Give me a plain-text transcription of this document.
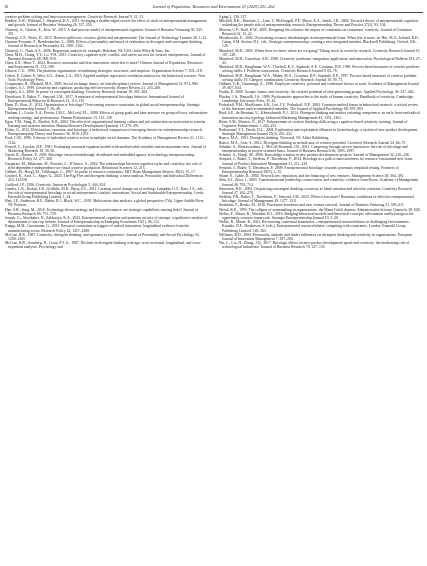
10	Journal of Population, Resources and Environment 23 (2025) 251–262

creative problem solving and innovation management. Creativity Research Journal 9, 21–31.

Bradley, S.W., Wiklund, J., Shepherd, D.A., 2011. Swinging a double-edged sword: the effect of slack on entrepreneurial management and growth. Journal of Business Venturing 26, 537–554.

Chatterji, A., Glaeser, E., Kerr, W., 2015. A dual-process model of entrepreneurial cognition. Journal of Business Venturing 30, 335–351.

Chatterji, C.F., Weiss, D., 2015. Reverse-spillovers: creative, global and entrepreneurial. The Journal of Technology Transfer 40, 1–22.

Chaston-Froomni, F., Breidenbacher, L., 2008. Effects of personality and mood of evaluation on divergent and convergent thinking. Journal of Research in Personality 42, 1095–1102.

Chatterji, C., Nash, A.S., 2006. Regression analysis by example. Hoboken, NJ, USA: John Wiley & Sons, Inc.

Chen, M.H., Chang, Y.Y., Lo, Y.H., 2015. Creativity cognitive style, conflict, and career success for creative entrepreneurs. Journal of Business Research 68, 906–910.

Chen, S.X., Shen, T., 2023. Resource constraints and firm innovation: when less is more? Chinese Journal of Population, Resources and Environment 21, 172–180.

Ciborra, C.U., 1996. The platform organization: recombining strategies, structures, and surprises. Organization Science 7, 103–118.

Cohen, P., Cohen, P., West, S.G., Aiken, L.S., 2013. Applied multiple regression/correlation analysis for the behavioral sciences. New York: Psychology Press.

Cropanzano, R., Mitchell, M.S., 2005. Social exchange theory: an interdisciplinary review. Journal of Management 31, 874–900.

Cropley, A.J., 1999. Creativity and cognition: producing effective novelty. Roeper Review 21, 253–260.

Cropley, A.J., 2006. In praise of convergent thinking. Creativity Research Journal 18, 391–404.

Davidsson, P., Baker, T., Senyard, J.M., 2017. A measure of entrepreneurial bricolage behavior. International Journal of Entrepreneurial Behavior & Research 23, 114–135.

Dean, D., Ross, E., 2013. Optimization or bricolage? Overcoming resource constraints in global social entrepreneurship. Strategic Entrepreneurship Journal 7, 26–49.

Durham, L., Locke, E.A., Pervin, J.M.C., McLeod, P.L., 2000. Effects of group goals and time pressure on group efficacy, information-seeking strategy, and performance. Human Performance 13, 115–138.

Egan, T.M., Yang, B., Bartlett, K.R., 2004. The effects of organizational learning culture and job satisfaction on motivation to transfer learning and turnover intention. Human Resource Development Quarterly 15, 279–301.

Fisher, G., 2012. Effectuation, causation, and bricolage: a behavioral comparison of emerging theories in entrepreneurship research. Entrepreneurship Theory and Practice 36, 1019–1051.

Ford, C.M., 1996. A theory of individual creative action in multiple social domains. The Academy of Management Review 21, 1112–1142.

Fornell, C., Larcker, D.F., 1981. Evaluating structural equation models with unobservable variables and measurement error. Journal of Marketing Research 18, 39–50.

Garud, R., Karnøe, P., 2003. Bricolage versus breakthrough: distributed and embedded agency in technology entrepreneurship. Research Policy 32, 277–300.

Gasparini, M., Pakkonen, M., Pozzetti, L., D'Amico, S., 2022. The relationships between cognitive styles and creativity: the role of field dependence-independence on visual creative production. Behavioral Sciences 12, 213.

Gibbert, M., Hoegl, M., Välikangas, L., 2007. In praise of resource constraints. MIT Sloan Management Review, 48(3), 15–17.

Gruijerl, K., Asse, L., Säger, G., 2023. The Big Five and divergent thinking: a meta-analysis. Personality and Individual Differences 214, 112338.

Guilford, J.P., 1956. Creativity. American Psychologist 5, 444–454.

Gundry, L.K., Kickul, J.R., Griffiths, M.D., Bacq, S.C., 2011. Creating social change out of nothing: Lumpkin, G.T., Katz, J.A., eds., the role of entrepreneurial bricolage in social entrepreneurs' catalytic innovations. Social and Sustainable Entrepreneurship. Leeds: Emerald Group Publishing Limited, 1–24.

Hair, J.F., Anderson, R.E., Babin, B.J., Black, W.C., 2010. Multivariate data analysis: a global perspective (7th). Upper Saddle River, NJ: Pearson.

Hao, S.B., Song, M., 2016. Technology-driven strategy and firm performance: are strategic capabilities missing links? Journal of Business Research 69, 751–759.

Joseph, G., Aboobaker, N., Zakkariya, K.A., 2023. Entrepreneurial cognition and premium activity of startups: a qualitative analysis of determinants of start-up failures. Journal of Entrepreneurship in Emerging Economies 15(1), 96–112.

Knapp, M.M., Grossmann, G., 2013. Resource constraints as triggers of radical innovation: longitudinal evidence from the manufacturing sector. Research Policy 42, 1457–1468.

McCrae, R.R., 1987. Creativity, divergent thinking, and openness to experience. Journal of Personality and Social Psychology 52, 1258–1265.

McCrae, R.R., Arenberg, D., Costa, P.T. Jr., 1987. Declines in divergent thinking with age: cross-sectional, longitudinal, and cross-sequential analyses. Psychology and

Aging 2, 130–137.

Mitchell, R.K., Busenitz, L., Lant, T., McDougall, P.P., Morse, E.A., Smith, J.B., 2002. Toward a theory of entrepreneurial cognition: rethinking the people side of entrepreneurship research. Entrepreneurship Theory and Practice 27(2), 93–104.

Moreau, C.P., Dahl, D.W., 2005. Designing the solution: the impact of constraints on consumers' creativity. Journal of Consumer Research 32, 13–22.

Mosakowski, E., 2002. Overcoming resource disadvantages in entrepreneurial firms: When less is more, in: Hitt, M.A., Ireland, R.D., Camp, S.M. Sexton, D.L. eds., Strategic entrepreneurship: creating a new integrated mindset. Blackwell Publishing, Oxford, 106–126.

Mumford, M.D., 2003. Where have we been, where are we going? Taking stock in creativity research. Creativity Research Journal 15, 107–120.

Mumford, M.D., Gustafson, S.B., 1988. Creativity syndrome: integration, application, and innovation. Psychological Bulletin 103, 27–43.

Mumford, M.D., Baughman, W.A., Threlfall, K.V., Supinski, E.P., Costanza, D.P., 1996. Process-based measures of creative problem-solving skills: I. Problem construction. Creativity Research Journal 9, 63–76.

Mumford, M.D., Baughman, W.A., Maher, M.A., Costanza, D.P., Supinski, E.P., 1997. Process-based measures of creative problem-solving skills: IV. Category combination. Creativity Research Journal 10, 59–71.

Oldham, G.R., Cummings, A., 1996. Employee creativity: personal and contextual factors at work. Academy of Management Journal 39, 607–634.

Paulus, P., 2000. Groups, teams, and creativity: the creative potential of idea-generating groups. Applied Psychology 49, 237–262.

Plucker, J.A., Renzulli, J.S., 1999. Psychometric approaches to the study of human creativity. Handbook of creativity. Cambridge: Cambridge University Press, 35–61.

Podsakoff, P.M., MacKenzie, S.B., Lee, J.Y., Podsakoff, N.P., 2003. Common method biases in behavioral research: a critical review of the literature and recommended remedies. The Journal of Applied Psychology 88, 879–903.

Reid, S.E., de Brentani, U., Kleinschmidt, E.J., 2014. Divergent thinking and market visioning competence: an early front-end radical innovation success typology. Industrial Marketing Management 43, 1351–1361.

Ritter, S.M., Mostert, N., 2017. Enhancement of creative thinking skills using a cognitive-based creativity training. Journal of Cognitive Enhancement 1, 243–253.

Rothaermel, F.T., Deeds, D.L., 2004. Exploration and exploitation alliances in biotechnology: a system of new product development. Strategic Management Journal 25(3), 201–221.

Runco, M.A., 1991. Divergent thinking. Norwood, NJ: Ablex Publishing.

Runco, M.A., Acar, S., 2012. Divergent thinking as an indicator of creative potential. Creativity Research Journal 24, 66–75.

Salunke, S., Weerawardena, J., McColl-Kennedy, J.R., 2013. Competing through service innovation: the role of bricolage and entrepreneurship in project-oriented firms. Journal of Business Research 66, 1085–1097.

Schulze, A., Hoegl, M., 2006. Knowledge creation in new product development projects. Journal of Management 32, 210–236.

Senyard, J., Baker, T., Steffens, P., Davidsson, P., 2014. Bricolage as a path to innovativeness for resource-constrained new firms. Journal of Product Innovation Management 31, 211–230.

Senyard, J., Baker, T., Davidsson, P., 2009. Entrepreneurial bricolage: towards systematic empirical testing. Frontiers of Entrepreneurship Research 29(5), 1–15.

Shane, S., Cable, D., 2002. Network ties, reputation, and the financing of new ventures. Management Science 48, 364–381.

Shin, S.J., Zhou, J., 2003. Transformational leadership, conservation, and creativity: evidence from Korea. Academy of Management Journal 46, 703–714.

Simonton, D.K., 2003. On praising convergent thinking: creativity as blind variation and selective retention. Creativity Research Journal 27, 262–270.

Steffens, P.R., Baker, T., Davidsson, P., Senyard, J.M., 2023. When is less more? Boundary conditions of effective entrepreneurial bricolage. Journal of Management 49, 1277–1311.

Stenholm, P., Renko, M., 2016. Passionate bricoleurs and new venture survival. Journal of Business Venturing 31, 595–611.

Weick, K.E., 1993. The collapse of sensemaking in organizations: the Mann Gulch disaster. Administrative Science Quarterly 38, 628.

Welter, F., Mauer, R., Wuebker, R.J., 2016. Bridging behavioral models and theoretical concepts: effectuation and bricolage in the opportunity creation framework. Strategic Entrepreneurship Journal 10, 5–20.

Weller, R., Mauer, R., 2021. Re-enacting contextual boundaries—entrepreneurial resourcefulness in challenging environments. Kuratko, D.F., Hoskinson, S. (eds.), Entrepreneurial resourcefulness: competing with constraints. London: Emerald Group Publishing Limited, 149–165.

Williams, R.D., 2004. Personality, attitude, and leader influences on divergent thinking and creativity in organizations. European Journal of Innovation Management 7, 187–204.

Wu, L., Liu, H., Zhang, J.Q., 2017. Bricolage effects on new-product development speed and creativity: the moderating role of technological turbulence. Journal of Business Research 70, 127–135.
